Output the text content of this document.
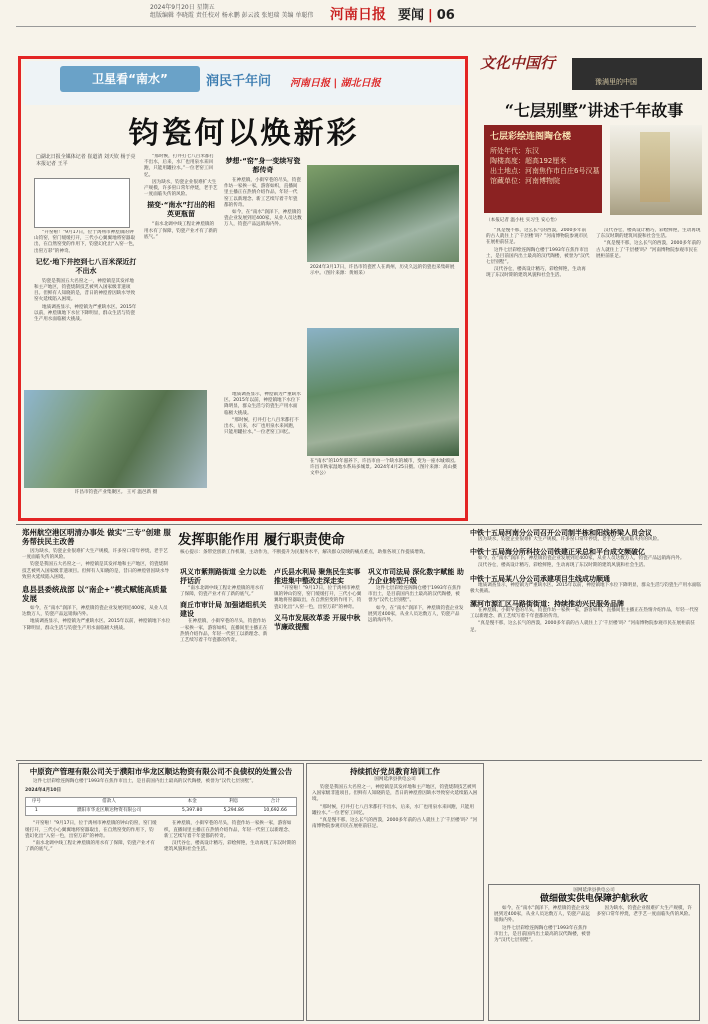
2024年9月20日 星期五
组版编辑 李晓霞 责任校对 杨永鹏 彭云波 张旭瑞 美编 单聪伟	河南日报 要闻 | 06
卫星看“南水”	润民千年问 河南日报 | 湖北日报
钧瓷何以焕新彩
□湖北日报全媒体记者 崔道清 刘天钦 杨于亮
本报记者 王平

“开窑啦！”9月17日，位于禹州市神垕镇的钟山钧窑，窑门缓缓打开，三代小心翼翼地将窑器取出，在自然窑变的作用下，钧瓷幻化出“入窑一色，出窑万彩”的神奇。

记忆·地下井控到七八百米深近打不出水

钧瓷是我国五大名窑之一，神垕镇是其发祥地和主产地区，钧瓷烧制技艺被列入国家级非遗项目。但鲜有人知晓的是，昔日的神垕曾因缺水导致窑火延续陷入困境。

地质调查显示，神垕镇为严重缺水区。2015年以前，神垕镇地下水位下降明显，群众生活与钧瓷生产用水面临极大挑战。

“那时候，打井打七八百米都打不出水，后来，水厂也用泉水来回跑，只能用罐拉水。”一位老窑工回忆。

因为缺水，钧瓷企业很难扩大生产规模，许多窑口常年停烧，老手艺一度面临失传的风险。

描变·“南水”打出的相英更瓶留

“南水北调中线工程让神垕镇的用水有了保障，钧瓷产业才有了新的底气。”

梦想·“窑”身一变续写瓷都传奇

在神垕镇，小街窄巷的尽头，钧瓷作坊一家挨一家，游客如织，直播间里主播正在热情介绍作品，年轻一代窑工以新理念、新工艺续写着千年瓷都的传奇。

如今，在“南水”润泽下，神垕镇钧瓷企业发展到近400家，从业人员达数万人，钧瓷产品远销海内外。

2024年3月17日，许昌市钧瓷匠人在禹州，历史久远的钧瓷也采集研展示中。（图片来源：黄姐采）

地质调查显示，神垕镇为严重缺水区。2015年以前，神垕镇地下水位下降明显，群众生活与钧瓷生产用水面临极大挑战。

“那时候，打井打七八百米都打不出水，后来，水厂也用泉水来回跑，只能用罐拉水。”一位老窑工回忆。

许昌市钧瓷产业集聚区。 王可 温邑新 摄
在“南水”的10年滋养下，许昌市由一个缺水的城市，变为一座水城郊园。许昌市秋家湿地水系局多城景。2024年4月25日摄。（图片来源：高山摄文申公）
文化中国行
豫满里的中国
“七层别墅”讲述千年故事
七层彩绘连阁陶仓楼
所处年代：东汉
陶楼高度：超高192厘米
出土地点：河南焦作市白庄6号汉墓
馆藏单位：河南博物院
（本报记者 温小柱 实习生 安心怡）

“真是慢不那，这么长气的西漠，2000多年前的古人就住上了‘千层楼’吗？”河南博物院参观市民在展柜前驻足。

这件七层彩绘连阁陶仓楼于1993年在焦作市出土，是目前国内出土最高的汉代陶楼，被誉为“汉代七层别墅”。

汉代谷仓，楼高设计精巧，彩绘鲜艳，生动再现了东汉时期的建筑风貌和社会生活。

汉代谷仓，楼高设计精巧，彩绘鲜艳，生动再现了东汉时期的建筑风貌和社会生活。

“真是慢不那，这么长气的西漠，2000多年前的古人就住上了‘千层楼’吗？”河南博物院参观市民在展柜前驻足。

郑州航空港区明清办事处 做实“三专”创建 服务帮扶民主改善

因为缺水，钧瓷企业很难扩大生产规模，许多窑口常年停烧，老手艺一度面临失传的风险。

钧瓷是我国五大名窑之一，神垕镇是其发祥地和主产地区，钧瓷烧制技艺被列入国家级非遗项目。但鲜有人知晓的是，昔日的神垕曾因缺水导致窑火延续陷入困境。

息县县委统战部 以“南企+”模式赋能高质量发展

如今，在“南水”润泽下，神垕镇钧瓷企业发展到近400家，从业人员达数万人，钧瓷产品远销海内外。

地质调查显示，神垕镇为严重缺水区。2015年以前，神垕镇地下水位下降明显，群众生活与钧瓷生产用水面临极大挑战。

发挥职能作用 履行职责使命
核心提示：条带党创新工作机制，主动作为，不断提升为民服务水平，解决群众反映的痛点难点，助推各项工作提质增效。
巩义市紫荆路街道 全力以赴抒话沂

“南水北调中线工程让神垕镇的用水有了保障，钧瓷产业才有了新的底气。”

商丘市审计局 加强诸组机关建设

在神垕镇，小街窄巷的尽头，钧瓷作坊一家挨一家，游客如织，直播间里主播正在热情介绍作品，年轻一代窑工以新理念、新工艺续写着千年瓷都的传奇。

卢氏县水利局 聚焦民生实事 推进集中整改走深走实

“开窑啦！”9月17日，位于禹州市神垕镇的钟山钧窑，窑门缓缓打开，三代小心翼翼地将窑器取出，在自然窑变的作用下，钧瓷幻化出“入窑一色，出窑万彩”的神奇。

义马市发展改革委 开展中秋节廉政提醒
巩义市司法局 深化数字赋能 助力企业转型升级

这件七层彩绘连阁陶仓楼于1993年在焦作市出土，是目前国内出土最高的汉代陶楼，被誉为“汉代七层别墅”。

如今，在“南水”润泽下，神垕镇钧瓷企业发展到近400家，从业人员达数万人，钧瓷产品远销海内外。

中铁十五局河南分公司召开公司制半栋和阳线桥梁人员会议

因为缺水，钧瓷企业很难扩大生产规模，许多窑口常年停烧，老手艺一度面临失传的风险。

中铁十五局海分所科技公司铁建正采总和平台成交频破亿

如今，在“南水”润泽下，神垕镇钧瓷企业发展到近400家，从业人员达数万人，钧瓷产品远销海内外。

汉代谷仓，楼高设计精巧，彩绘鲜艳，生动再现了东汉时期的建筑风貌和社会生活。

中铁十五局某八分公司承建项目生线成功顺通

地质调查显示，神垕镇为严重缺水区。2015年以前，神垕镇地下水位下降明显，群众生活与钧瓷生产用水面临极大挑战。

漯河市源汇区马路街街道：持续推动兴民服务品牌

在神垕镇，小街窄巷的尽头，钧瓷作坊一家挨一家，游客如织，直播间里主播正在热情介绍作品，年轻一代窑工以新理念、新工艺续写着千年瓷都的传奇。

“真是慢不那，这么长气的西漠，2000多年前的古人就住上了‘千层楼’吗？”河南博物院参观市民在展柜前驻足。

中原资产管理有限公司关于濮阳市华龙区顺达物资有限公司不良债权的处置公告

这件七层彩绘连阁陶仓楼于1993年在焦作市出土，是目前国内出土最高的汉代陶楼，被誉为“汉代七层别墅”。

2024年4月10日
序号	借款人	本金	利息	合计
1	濮阳市华龙区顺达物资有限公司	5,397.80	5,294.86	10,692.66

“开窑啦！”9月17日，位于禹州市神垕镇的钟山钧窑，窑门缓缓打开，三代小心翼翼地将窑器取出，在自然窑变的作用下，钧瓷幻化出“入窑一色，出窑万彩”的神奇。

“南水北调中线工程让神垕镇的用水有了保障，钧瓷产业才有了新的底气。”

在神垕镇，小街窄巷的尽头，钧瓷作坊一家挨一家，游客如织，直播间里主播正在热情介绍作品，年轻一代窑工以新理念、新工艺续写着千年瓷都的传奇。

汉代谷仓，楼高设计精巧，彩绘鲜艳，生动再现了东汉时期的建筑风貌和社会生活。

持续抓好党员教育培训工作
国网延津县供电公司

钧瓷是我国五大名窑之一，神垕镇是其发祥地和主产地区，钧瓷烧制技艺被列入国家级非遗项目。但鲜有人知晓的是，昔日的神垕曾因缺水导致窑火延续陷入困境。

“那时候，打井打七八百米都打不出水，后来，水厂也用泉水来回跑，只能用罐拉水。”一位老窑工回忆。

“真是慢不那，这么长气的西漠，2000多年前的古人就住上了‘千层楼’吗？”河南博物院参观市民在展柜前驻足。

国网延津县供电公司
做细做实供电保障护航秋收

如今，在“南水”润泽下，神垕镇钧瓷企业发展到近400家，从业人员达数万人，钧瓷产品远销海内外。

这件七层彩绘连阁陶仓楼于1993年在焦作市出土，是目前国内出土最高的汉代陶楼，被誉为“汉代七层别墅”。

因为缺水，钧瓷企业很难扩大生产规模，许多窑口常年停烧，老手艺一度面临失传的风险。
